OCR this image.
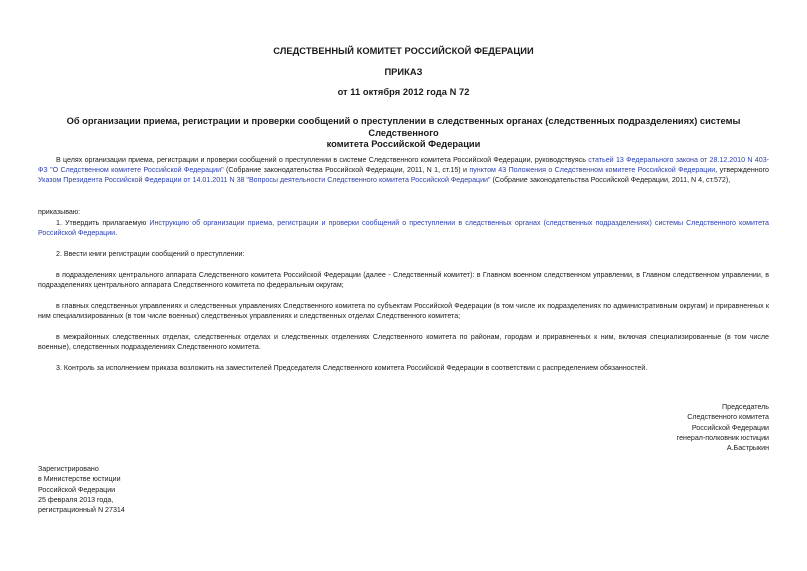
СЛЕДСТВЕННЫЙ КОМИТЕТ РОССИЙСКОЙ ФЕДЕРАЦИИ
ПРИКАЗ
от 11 октября 2012 года N 72
Об организации приема, регистрации и проверки сообщений о преступлении в следственных органах (следственных подразделениях) системы Следственного
комитета Российской Федерации

В целях организации приема, регистрации и проверки сообщений о преступлении в системе Следственного комитета Российской Федерации, руководствуясь статьей 13 Федерального закона от 28.12.2010 N 403-ФЗ "О Следственном комитете Российской Федерации" (Собрание законодательства Российской Федерации, 2011, N 1, ст.15) и пунктом 43 Положения о Следственном комитете Российской Федерации, утвержденного Указом Президента Российской Федерации от 14.01.2011 N 38 "Вопросы деятельности Следственного комитета Российской Федерации" (Собрание законодательства Российской Федерации, 2011, N 4, ст.572),

приказываю:

1. Утвердить прилагаемую Инструкцию об организации приема, регистрации и проверки сообщений о преступлении в следственных органах (следственных подразделениях) системы Следственного комитета Российской Федерации.

2. Ввести книги регистрации сообщений о преступлении:

в подразделениях центрального аппарата Следственного комитета Российской Федерации (далее - Следственный комитет): в Главном военном следственном управлении, в Главном следственном управлении, в подразделениях центрального аппарата Следственного комитета по федеральным округам;

в главных следственных управлениях и следственных управлениях Следственного комитета по субъектам Российской Федерации (в том числе их подразделениях по административным округам) и приравненных к ним специализированных (в том числе военных) следственных управлениях и следственных отделах Следственного комитета;

в межрайонных следственных отделах, следственных отделах и следственных отделениях Следственного комитета по районам, городам и приравненных к ним, включая специализированные (в том числе военные), следственных подразделениях Следственного комитета.

3. Контроль за исполнением приказа возложить на заместителей Председателя Следственного комитета Российской Федерации в соответствии с распределением обязанностей.

Председатель
Следственного комитета
Российской Федерации
генерал-полковник юстиции
А.Бастрыкин
Зарегистрировано
в Министерстве юстиции
Российской Федерации
25 февраля 2013 года,
регистрационный N 27314
